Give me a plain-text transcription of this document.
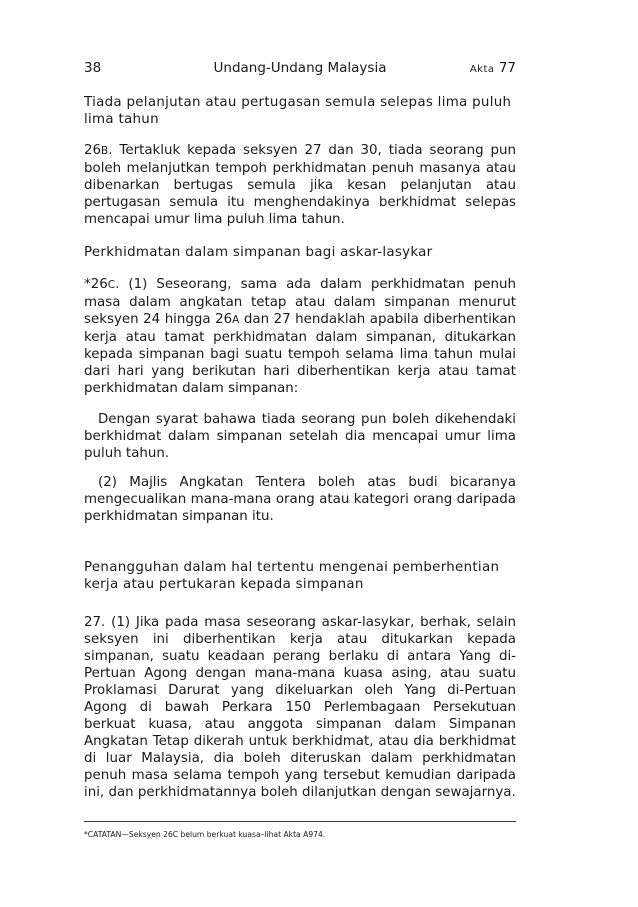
38	Undang-Undang Malaysia	Akta 77

Tiada pelanjutan atau pertugasan semula selepas lima puluh lima tahun

26B. Tertakluk kepada seksyen 27 dan 30, tiada seorang pun boleh melanjutkan tempoh perkhidmatan penuh masanya atau dibenarkan bertugas semula jika kesan pelanjutan atau pertugasan semula itu menghendakinya berkhidmat selepas mencapai umur lima puluh lima tahun.

Perkhidmatan dalam simpanan bagi askar-lasykar

*26C. (1) Seseorang, sama ada dalam perkhidmatan penuh masa dalam angkatan tetap atau dalam simpanan menurut seksyen 24 hingga 26A dan 27 hendaklah apabila diberhentikan kerja atau tamat perkhidmatan dalam simpanan, ditukarkan kepada simpanan bagi suatu tempoh selama lima tahun mulai dari hari yang berikutan hari diberhentikan kerja atau tamat perkhidmatan dalam simpanan:

Dengan syarat bahawa tiada seorang pun boleh dikehendaki berkhidmat dalam simpanan setelah dia mencapai umur lima puluh tahun.

(2) Majlis Angkatan Tentera boleh atas budi bicaranya mengecualikan mana-mana orang atau kategori orang daripada perkhidmatan simpanan itu.

Penangguhan dalam hal tertentu mengenai pemberhentian kerja atau pertukaran kepada simpanan

27. (1) Jika pada masa seseorang askar-lasykar, berhak, selain seksyen ini diberhentikan kerja atau ditukarkan kepada simpanan, suatu keadaan perang berlaku di antara Yang di-Pertuan Agong dengan mana-mana kuasa asing, atau suatu Proklamasi Darurat yang dikeluarkan oleh Yang di-Pertuan Agong di bawah Perkara 150 Perlembagaan Persekutuan berkuat kuasa, atau anggota simpanan dalam Simpanan Angkatan Tetap dikerah untuk berkhidmat, atau dia berkhidmat di luar Malaysia, dia boleh diteruskan dalam perkhidmatan penuh masa selama tempoh yang tersebut kemudian daripada ini, dan perkhidmatannya boleh dilanjutkan dengan sewajarnya.

*CATATAN—Seksyen 26C belum berkuat kuasa–lihat Akta A974.
